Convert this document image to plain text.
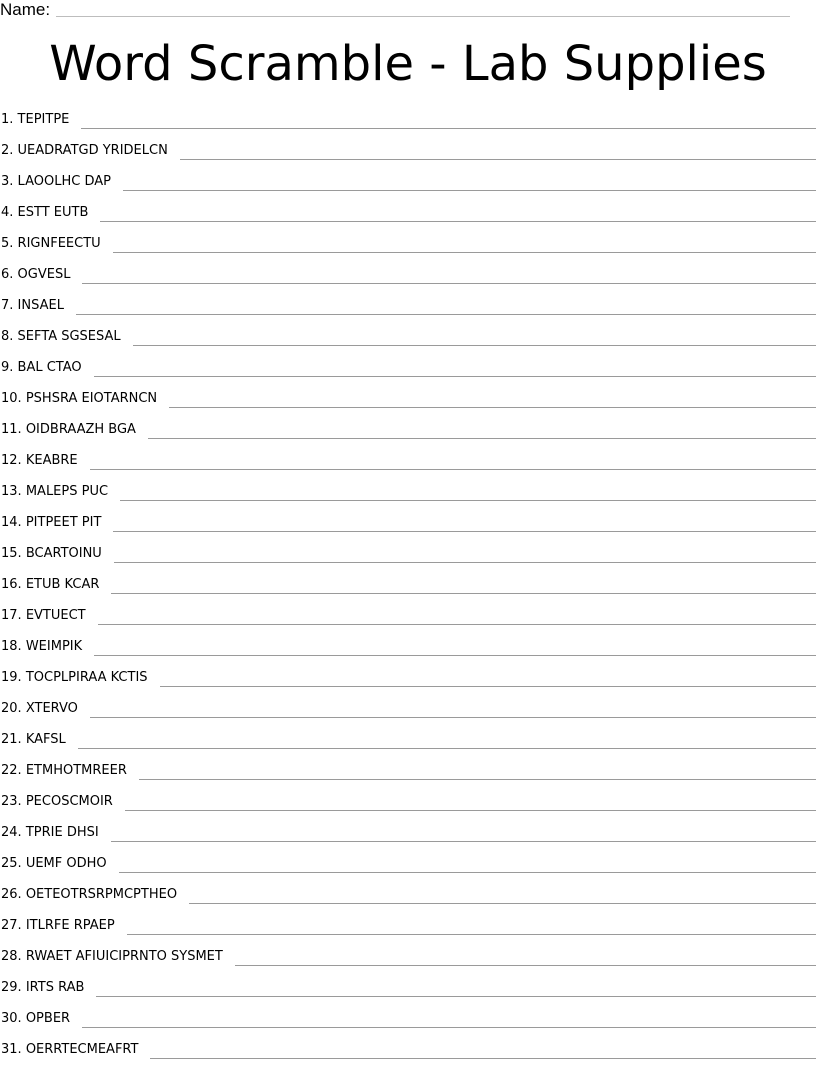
Name:
Word Scramble - Lab Supplies
1. TEPITPE
2. UEADRATGD YRIDELCN
3. LAOOLHC DAP
4. ESTT EUTB
5. RIGNFEECTU
6. OGVESL
7. INSAEL
8. SEFTA SGSESAL
9. BAL CTAO
10. PSHSRA EIOTARNCN
11. OIDBRAAZH BGA
12. KEABRE
13. MALEPS PUC
14. PITPEET PIT
15. BCARTOINU
16. ETUB KCAR
17. EVTUECT
18. WEIMPIK
19. TOCPLPIRAA KCTIS
20. XTERVO
21. KAFSL
22. ETMHOTMREER
23. PECOSCMOIR
24. TPRIE DHSI
25. UEMF ODHO
26. OETEOTRSRPMCPTHEO
27. ITLRFE RPAEP
28. RWAET AFIUICIPRNTO SYSMET
29. IRTS RAB
30. OPBER
31. OERRTECMEAFRT
